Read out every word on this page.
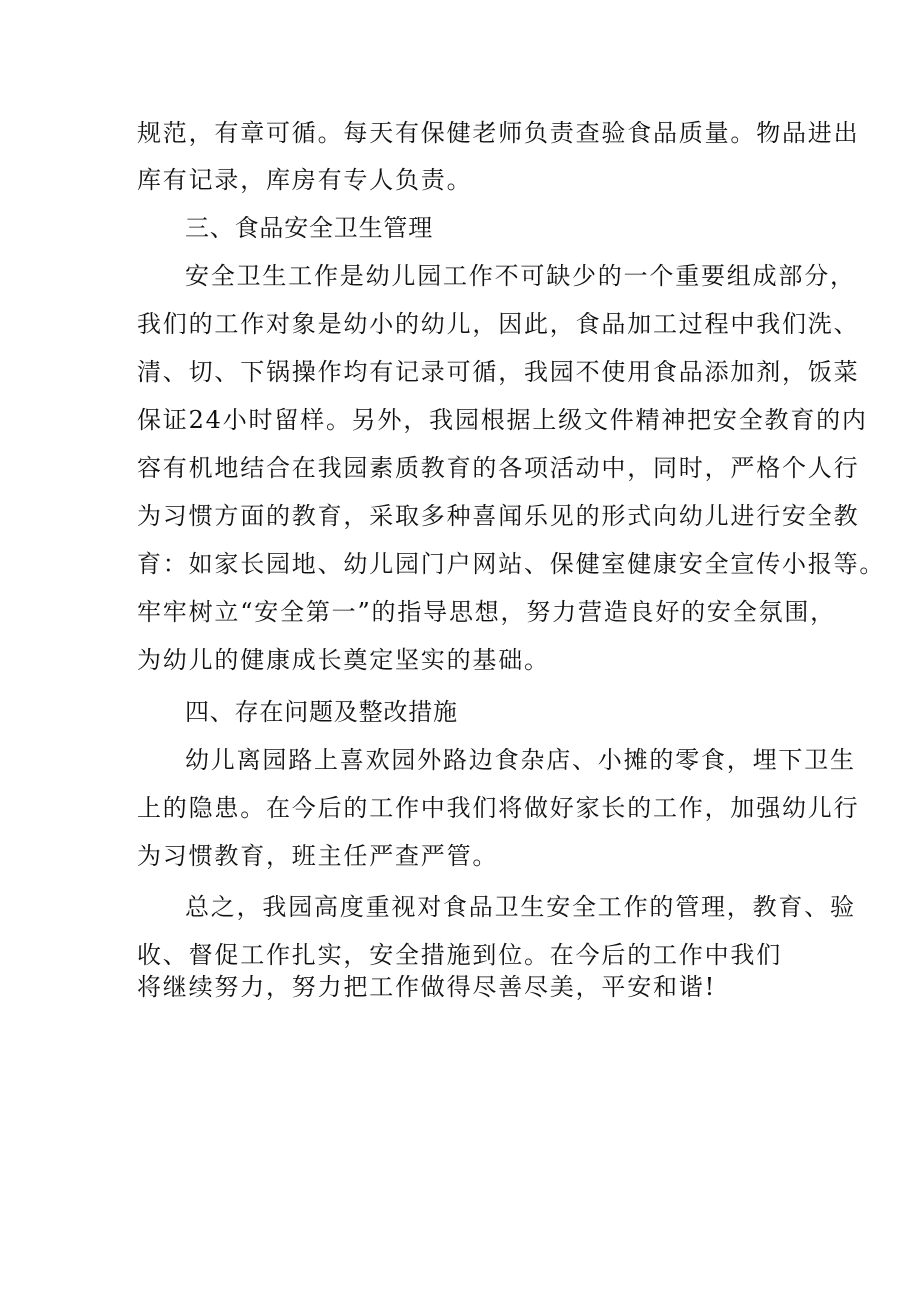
规范，有章可循。每天有保健老师负责查验食品质量。物品进出
库有记录，库房有专人负责。
三、食品安全卫生管理
安全卫生工作是幼儿园工作不可缺少的一个重要组成部分，
我们的工作对象是幼小的幼儿，因此，食品加工过程中我们洗、
清、切、下锅操作均有记录可循，我园不使用食品添加剂，饭菜
保证24小时留样。另外，我园根据上级文件精神把安全教育的内
容有机地结合在我园素质教育的各项活动中，同时，严格个人行
为习惯方面的教育，采取多种喜闻乐见的形式向幼儿进行安全教
育：如家长园地、幼儿园门户网站、保健室健康安全宣传小报等。
牢牢树立“安全第一”的指导思想，努力营造良好的安全氛围，
为幼儿的健康成长奠定坚实的基础。
四、存在问题及整改措施
幼儿离园路上喜欢园外路边食杂店、小摊的零食，埋下卫生
上的隐患。在今后的工作中我们将做好家长的工作，加强幼儿行
为习惯教育，班主任严查严管。
总之，我园高度重视对食品卫生安全工作的管理，教育、验
收、督促工作扎实，安全措施到位。在今后的工作中我们
将继续努力，努力把工作做得尽善尽美，平安和谐!
